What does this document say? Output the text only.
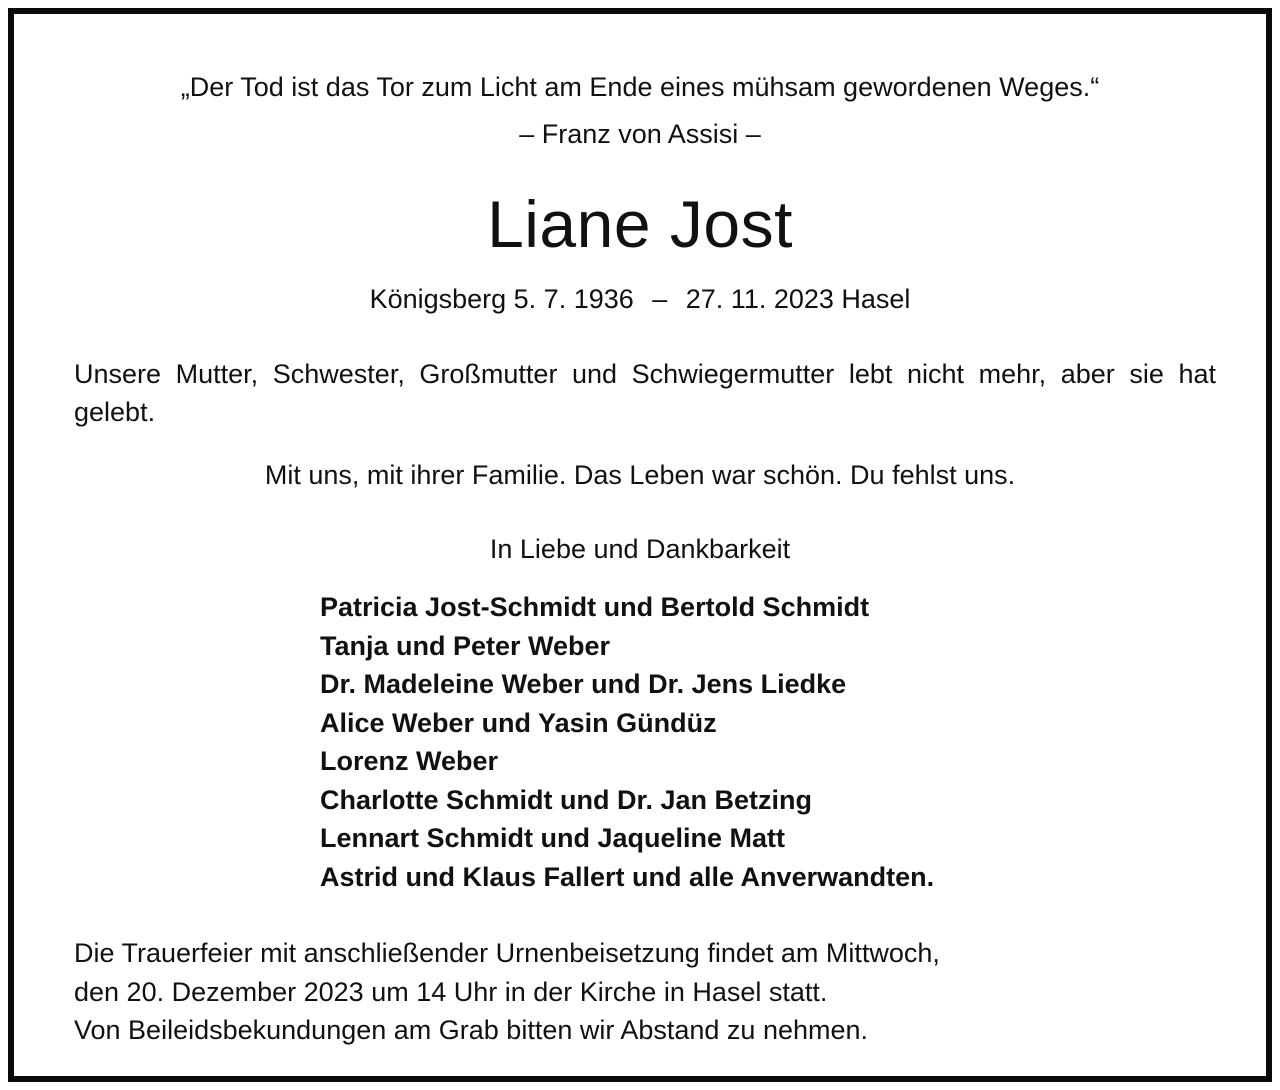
„Der Tod ist das Tor zum Licht am Ende eines mühsam gewordenen Weges.“
– Franz von Assisi –
Liane Jost
Königsberg 5. 7. 1936 – 27. 11. 2023 Hasel
Unsere Mutter, Schwester, Großmutter und Schwiegermutter lebt nicht mehr, aber sie hat gelebt.
Mit uns, mit ihrer Familie. Das Leben war schön. Du fehlst uns.
In Liebe und Dankbarkeit
Patricia Jost-Schmidt und Bertold Schmidt
Tanja und Peter Weber
Dr. Madeleine Weber und Dr. Jens Liedke
Alice Weber und Yasin Gündüz
Lorenz Weber
Charlotte Schmidt und Dr. Jan Betzing
Lennart Schmidt und Jaqueline Matt
Astrid und Klaus Fallert und alle Anverwandten.
Die Trauerfeier mit anschließender Urnenbeisetzung findet am Mittwoch,
den 20. Dezember 2023 um 14 Uhr in der Kirche in Hasel statt.
Von Beileidsbekundungen am Grab bitten wir Abstand zu nehmen.
